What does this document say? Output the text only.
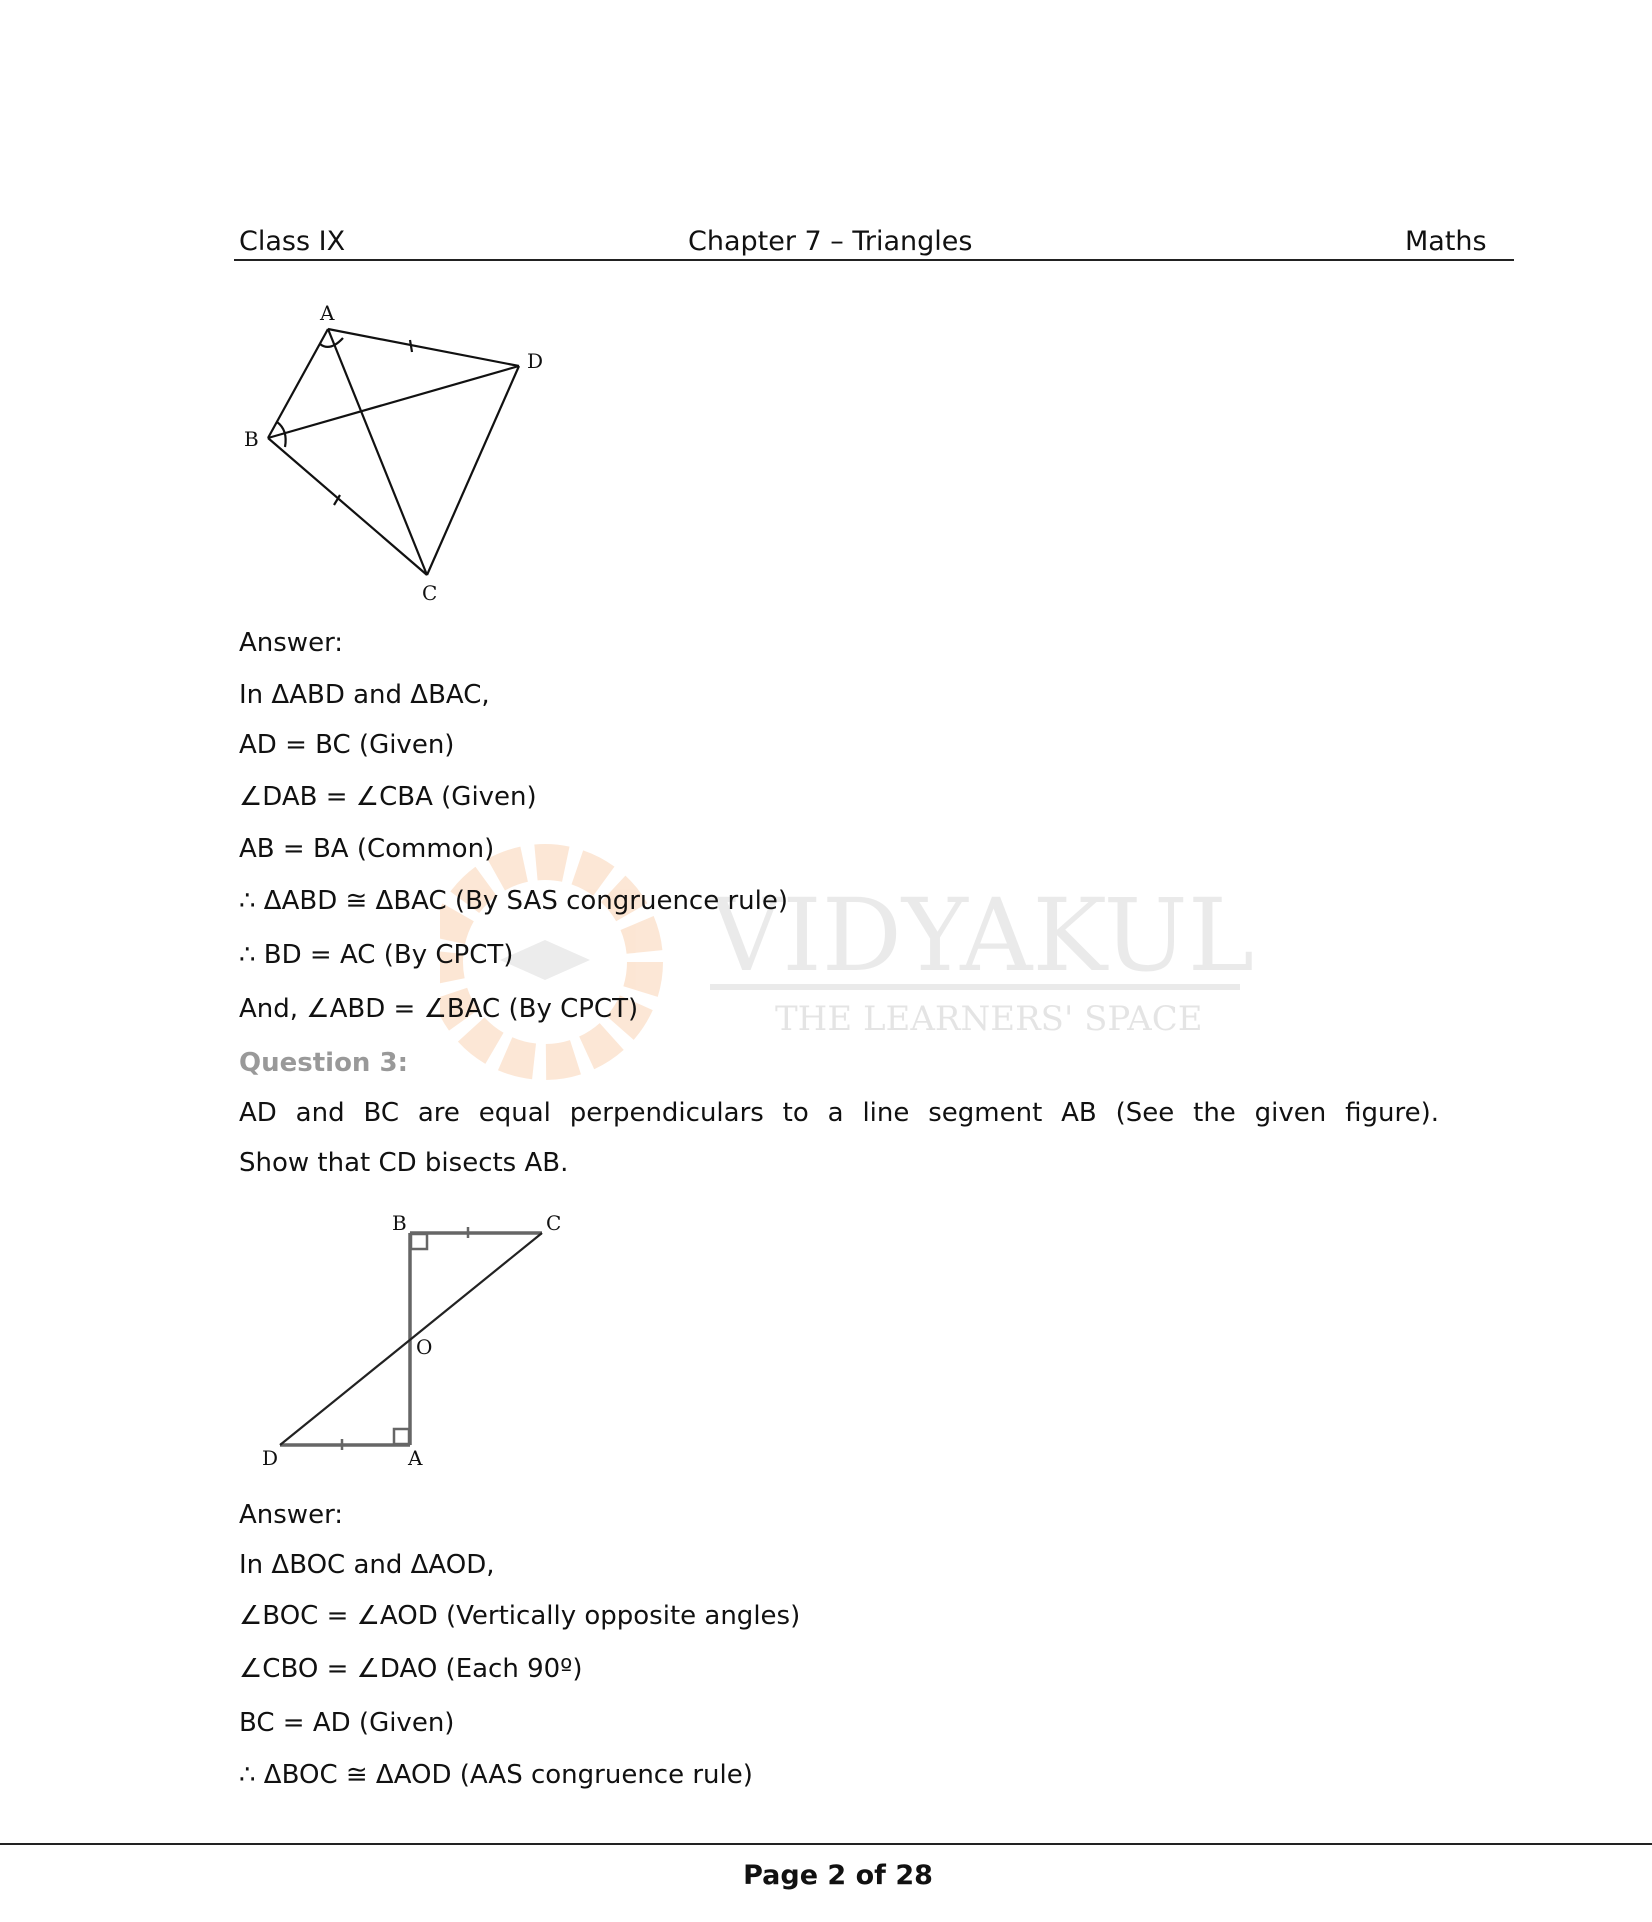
Class IX	Chapter 7 – Triangles	Maths
VIDYAKUL
THE LEARNERS' SPACE
A
B
C
D
Answer:
In ΔABD and ΔBAC,
AD = BC (Given)
∠DAB = ∠CBA (Given)
AB = BA (Common)
∴ ΔABD ≅ ΔBAC (By SAS congruence rule)
∴ BD = AC (By CPCT)
And, ∠ABD = ∠BAC (By CPCT)
Question 3:
AD and BC are equal perpendiculars to a line segment AB (See the given figure).
Show that CD bisects AB.
B	C
O
D	A
Answer:
In ΔBOC and ΔAOD,
∠BOC = ∠AOD (Vertically opposite angles)
∠CBO = ∠DAO (Each 90º)
BC = AD (Given)
∴ ΔBOC ≅ ΔAOD (AAS congruence rule)
Page 2 of 28
